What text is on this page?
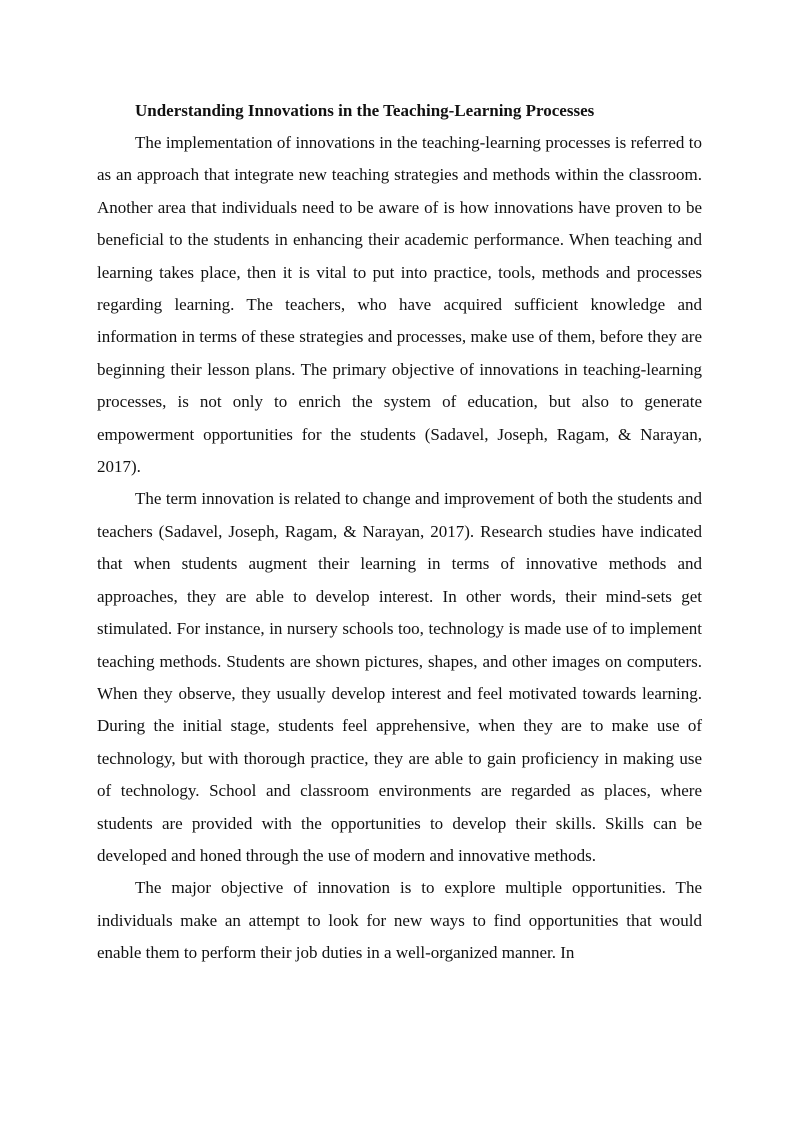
Understanding Innovations in the Teaching-Learning Processes

The implementation of innovations in the teaching-learning processes is referred to as an approach that integrate new teaching strategies and methods within the classroom. Another area that individuals need to be aware of is how innovations have proven to be beneficial to the students in enhancing their academic performance. When teaching and learning takes place, then it is vital to put into practice, tools, methods and processes regarding learning. The teachers, who have acquired sufficient knowledge and information in terms of these strategies and processes, make use of them, before they are beginning their lesson plans. The primary objective of innovations in teaching-learning processes, is not only to enrich the system of education, but also to generate empowerment opportunities for the students (Sadavel, Joseph, Ragam, & Narayan, 2017).

The term innovation is related to change and improvement of both the students and teachers (Sadavel, Joseph, Ragam, & Narayan, 2017). Research studies have indicated that when students augment their learning in terms of innovative methods and approaches, they are able to develop interest. In other words, their mind-sets get stimulated. For instance, in nursery schools too, technology is made use of to implement teaching methods. Students are shown pictures, shapes, and other images on computers. When they observe, they usually develop interest and feel motivated towards learning. During the initial stage, students feel apprehensive, when they are to make use of technology, but with thorough practice, they are able to gain proficiency in making use of technology. School and classroom environments are regarded as places, where students are provided with the opportunities to develop their skills. Skills can be developed and honed through the use of modern and innovative methods.

The major objective of innovation is to explore multiple opportunities. The individuals make an attempt to look for new ways to find opportunities that would enable them to perform their job duties in a well-organized manner. In
